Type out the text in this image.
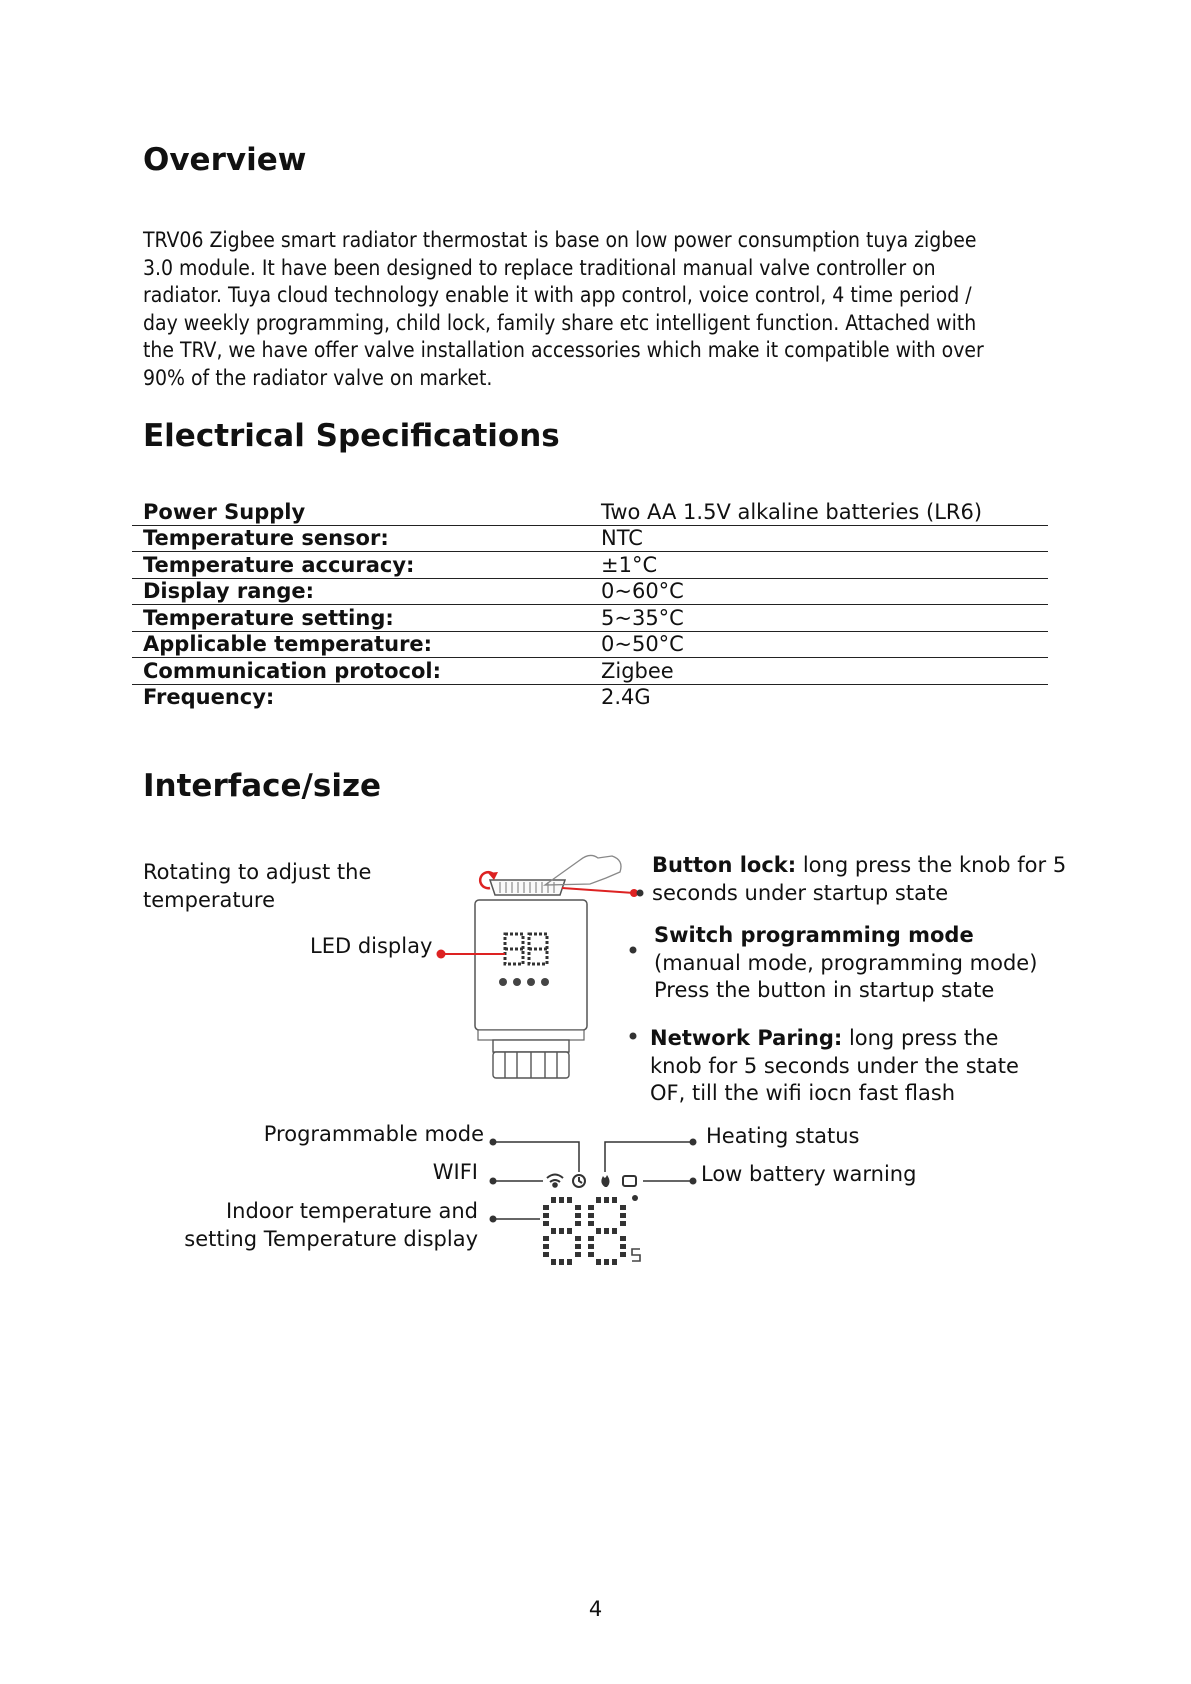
Overview
TRV06 Zigbee smart radiator thermostat is base on low power consumption tuya zigbee
3.0 module. It have been designed to replace traditional manual valve controller on
radiator. Tuya cloud technology enable it with app control, voice control, 4 time period /
day weekly programming, child lock, family share etc intelligent function. Attached with
the TRV, we have offer valve installation accessories which make it compatible with over
90% of the radiator valve on market.
Electrical Specifications
Power Supply	Two AA 1.5V alkaline batteries (LR6)
Temperature sensor:	NTC
Temperature accuracy:	±1°C
Display range:	0~60°C
Temperature setting:	5~35°C
Applicable temperature:	0~50°C
Communication protocol:	Zigbee
Frequency:	2.4G
Interface/size
Rotating to adjust the
temperature
LED display
Button lock: long press the knob for 5
seconds under startup state
Switch programming mode
(manual mode, programming mode)
Press the button in startup state
Network Paring: long press the
knob for 5 seconds under the state
OF, till the wifi iocn fast flash
Programmable mode
WIFI
Indoor temperature and
setting Temperature display
Heating status
Low battery warning
4
